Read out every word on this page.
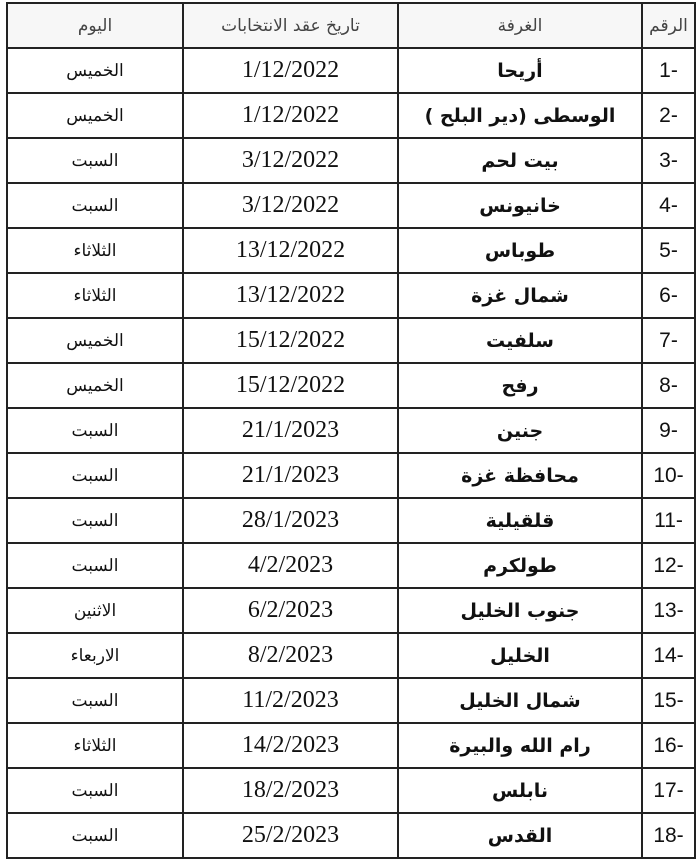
الرقم	الغرفة	تاريخ عقد الانتخابات	اليوم
1-	أريحا	1/12/2022	الخميس
2-	الوسطى (دير البلح )	1/12/2022	الخميس
3-	بيت لحم	3/12/2022	السبت
4-	خانيونس	3/12/2022	السبت
5-	طوباس	13/12/2022	الثلاثاء
6-	شمال غزة	13/12/2022	الثلاثاء
7-	سلفيت	15/12/2022	الخميس
8-	رفح	15/12/2022	الخميس
9-	جنين	21/1/2023	السبت
10-	محافظة غزة	21/1/2023	السبت
11-	قلقيلية	28/1/2023	السبت
12-	طولكرم	4/2/2023	السبت
13-	جنوب الخليل	6/2/2023	الاثنين
14-	الخليل	8/2/2023	الاربعاء
15-	شمال الخليل	11/2/2023	السبت
16-	رام الله والبيرة	14/2/2023	الثلاثاء
17-	نابلس	18/2/2023	السبت
18-	القدس	25/2/2023	السبت
